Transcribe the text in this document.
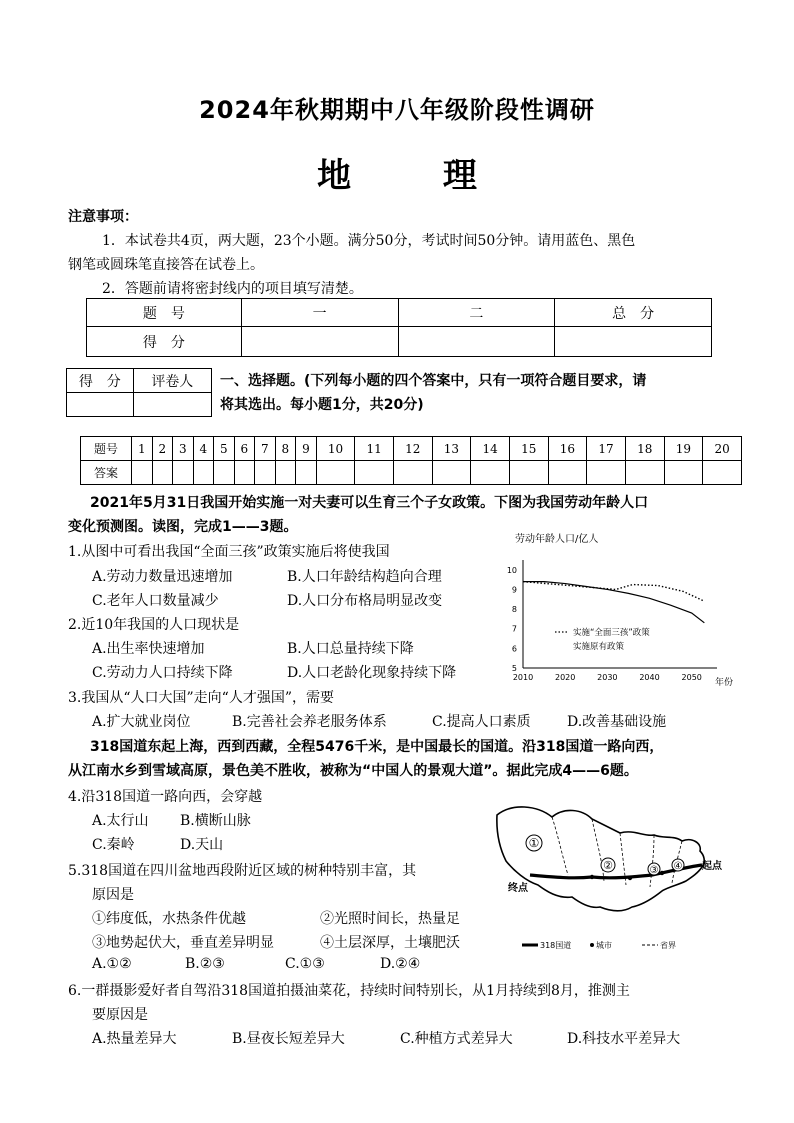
2024年秋期期中八年级阶段性调研
地 理
注意事项：
1．本试卷共4页，两大题，23个小题。满分50分，考试时间50分钟。请用蓝色、黑色
钢笔或圆珠笔直接答在试卷上。
2．答题前请将密封线内的项目填写清楚。
题　号	一	二	总　分
得　分			
得　分	评卷人
	一、选择题。(下列每小题的四个答案中，只有一项符合题目要求，请
将其选出。每小题1分，共20分)
题号	1	2	3	4	5	6	7	8	9	10	11	12	13	14	15	16	17	18	19	20
答案																				
2021年5月31日我国开始实施一对夫妻可以生育三个子女政策。下图为我国劳动年龄人口
变化预测图。读图，完成1——3题。
1.从图中可看出我国“全面三孩”政策实施后将使我国
A.劳动力数量迅速增加	B.人口年龄结构趋向合理
C.老年人口数量减少	D.人口分布格局明显改变
2.近10年我国的人口现状是
A.出生率快速增加	B.人口总量持续下降
C.劳动力人口持续下降	D.人口老龄化现象持续下降
3.我国从“人口大国”走向“人才强国”，需要
A.扩大就业岗位	B.完善社会养老服务体系	C.提高人口素质	D.改善基础设施
劳动年龄人口/亿人
年份
2010	2020	2030	2040	2050
5
6
7
8
9
10
实施“全面三孩”政策
实施原有政策
318国道东起上海，西到西藏，全程5476千米，是中国最长的国道。沿318国道一路向西，
从江南水乡到雪域高原，景色美不胜收，被称为“中国人的景观大道”。据此完成4——6题。
4.沿318国道一路向西，会穿越
A.太行山 B.横断山脉
C.秦岭	D.天山
5.318国道在四川盆地西段附近区域的树种特别丰富，其
原因是
①纬度低，水热条件优越	②光照时间长，热量足
③地势起伏大，垂直差异明显	④土层深厚，土壤肥沃
A.①②	B.②③	C.①③	D.②④
①
②	③ ④ 起点
终点
318国道	城市	省界
6.一群摄影爱好者自驾沿318国道拍摄油菜花，持续时间特别长，从1月持续到8月，推测主
要原因是
A.热量差异大	B.昼夜长短差异大	C.种植方式差异大	D.科技水平差异大
